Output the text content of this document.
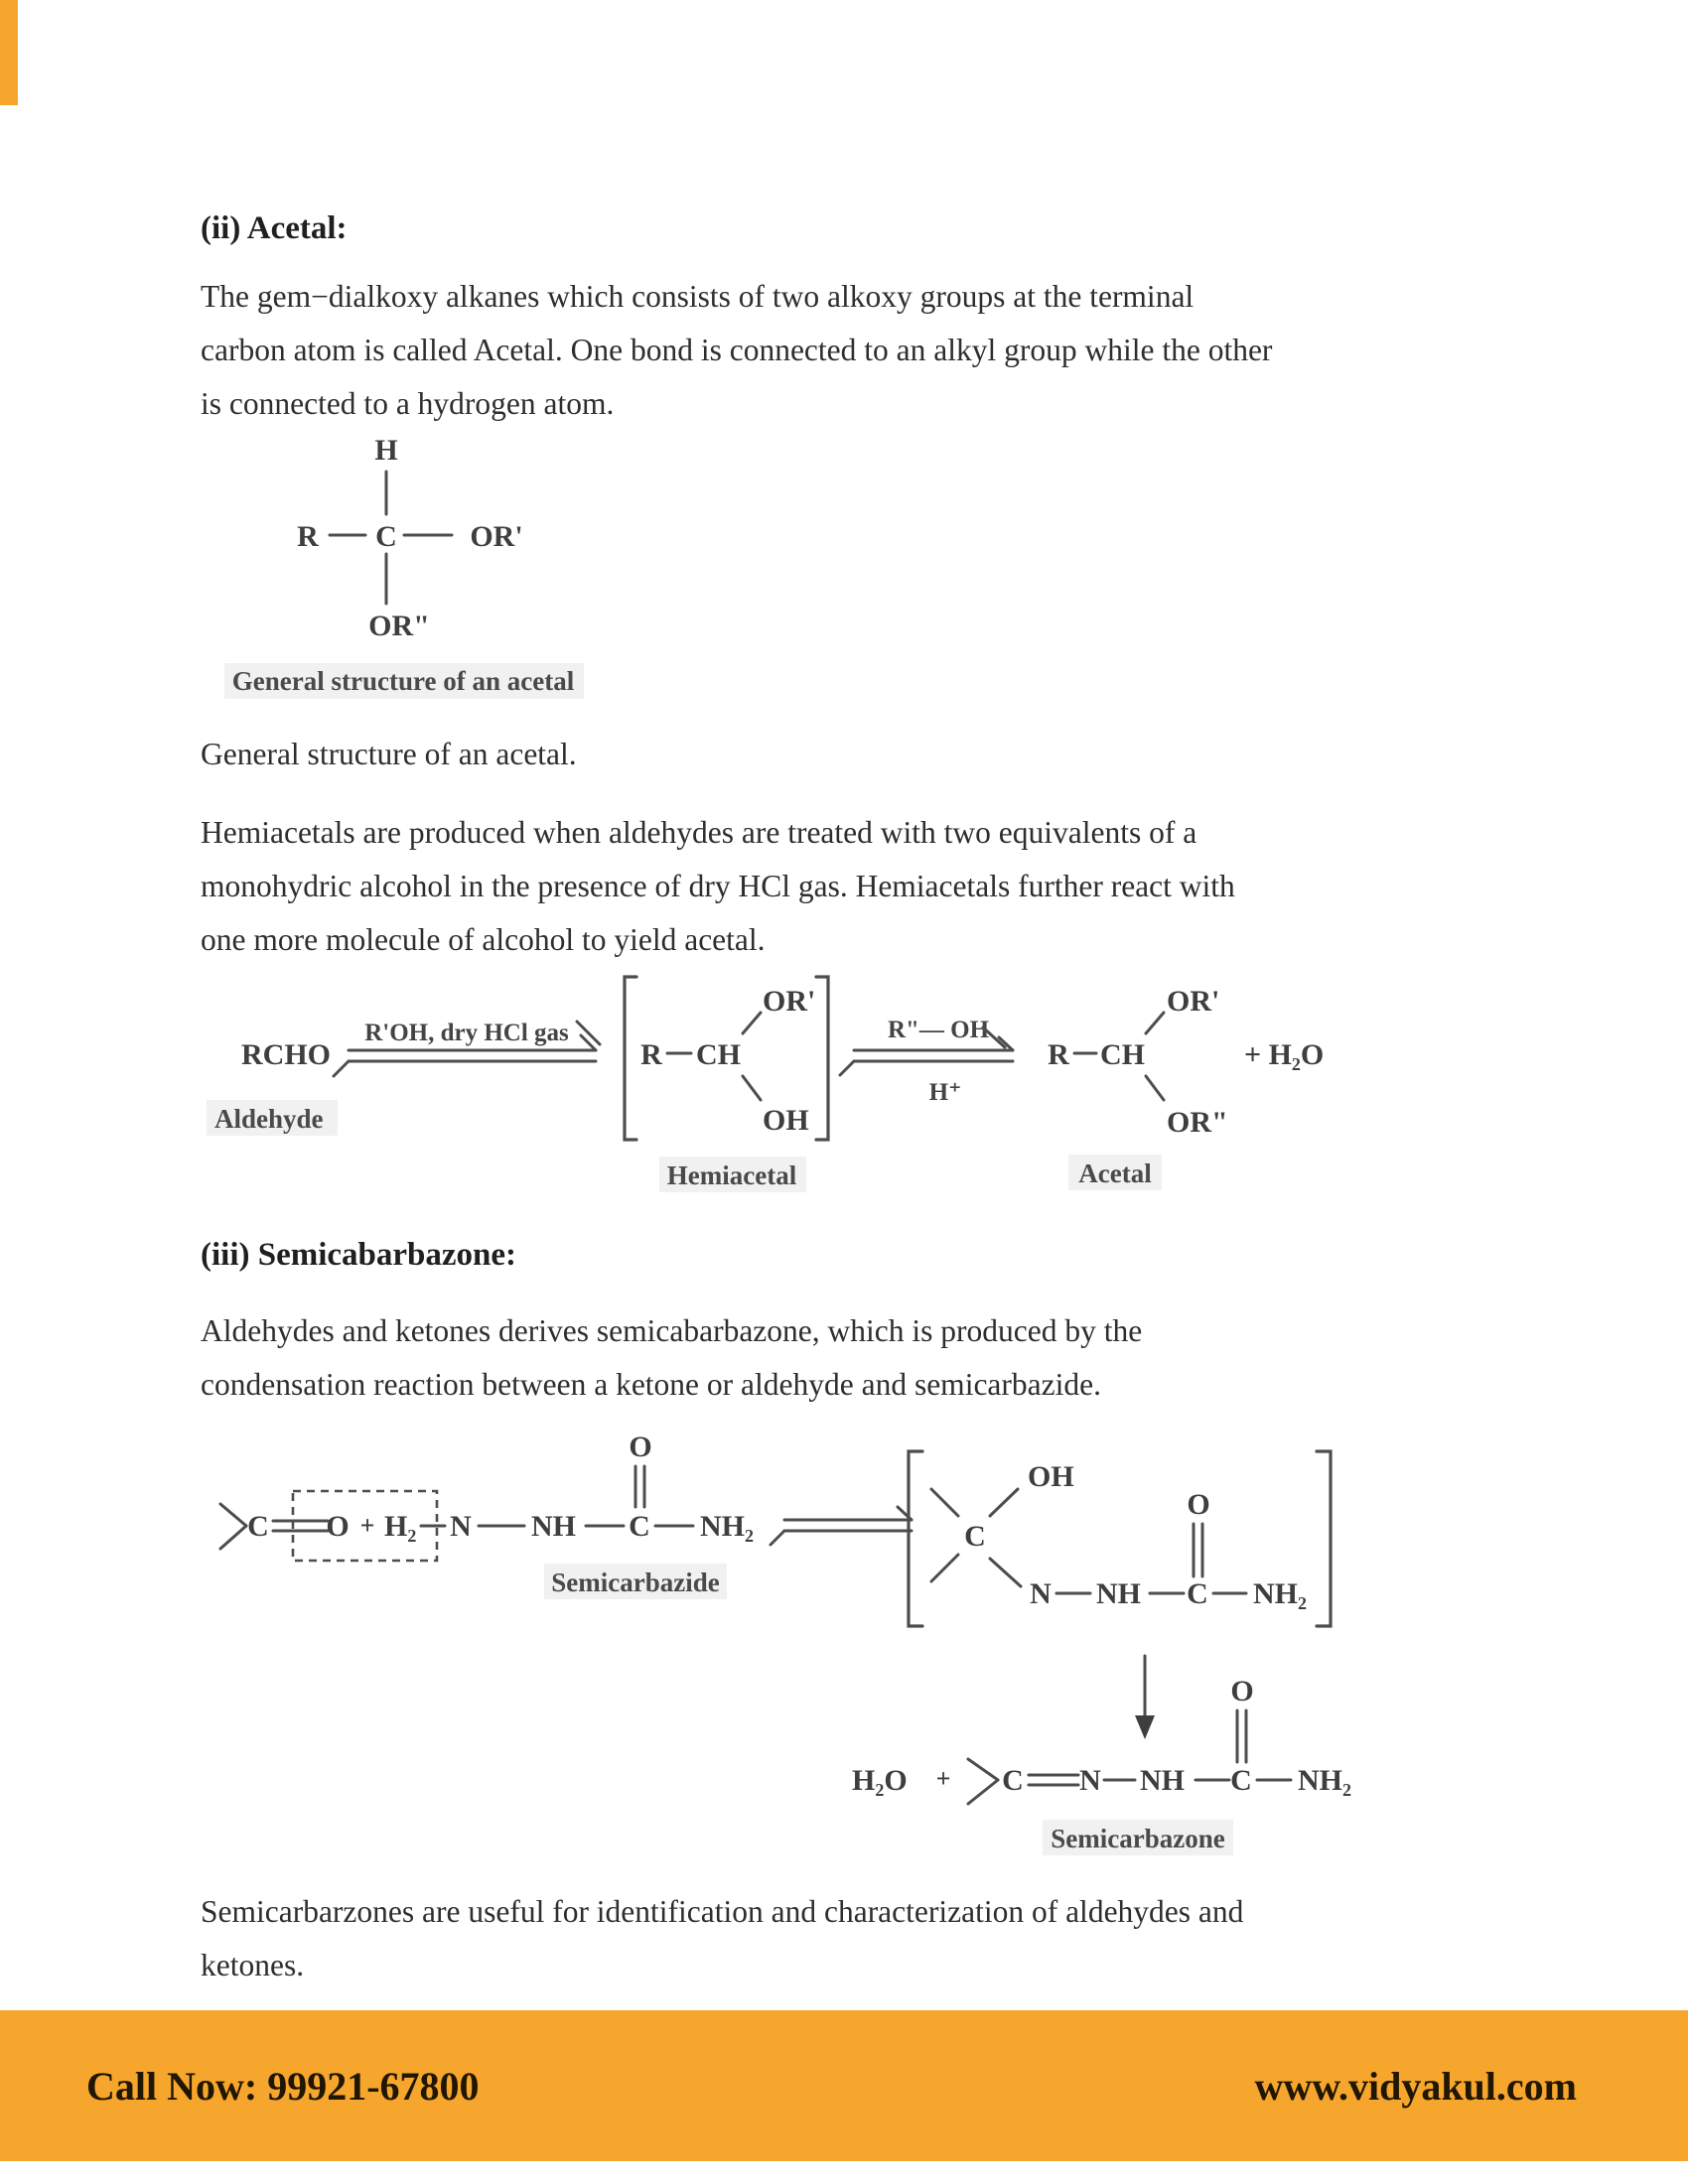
(ii) Acetal:
The gem−dialkoxy alkanes which consists of two alkoxy groups at the terminal
carbon atom is called Acetal. One bond is connected to an alkyl group while the other
is connected to a hydrogen atom.
H
R C OR'
OR"
General structure of an acetal
General structure of an acetal.
Hemiacetals are produced when aldehydes are treated with two equivalents of a
monohydric alcohol in the presence of dry HCl gas. Hemiacetals further react with
one more molecule of alcohol to yield acetal.
RCHO
R'OH, dry HCl gas
Aldehyde
R CH
OR'
OH
Hemiacetal
R"— OH
H⁺
R CH
OR'
OR"
+ H₂O
Acetal
(iii) Semicabarbazone:
Aldehydes and ketones derives semicabarbazone, which is produced by the
condensation reaction between a ketone or aldehyde and semicarbazide.
C O + H₂ N NH C
O
NH₂
Semicarbazide
C
OH
N NH C
O
NH₂
H₂O + C N NH C
O
NH₂
Semicarbazone
Semicarbarzones are useful for identification and characterization of aldehydes and
ketones.
Call Now: 99921-67800	www.vidyakul.com
